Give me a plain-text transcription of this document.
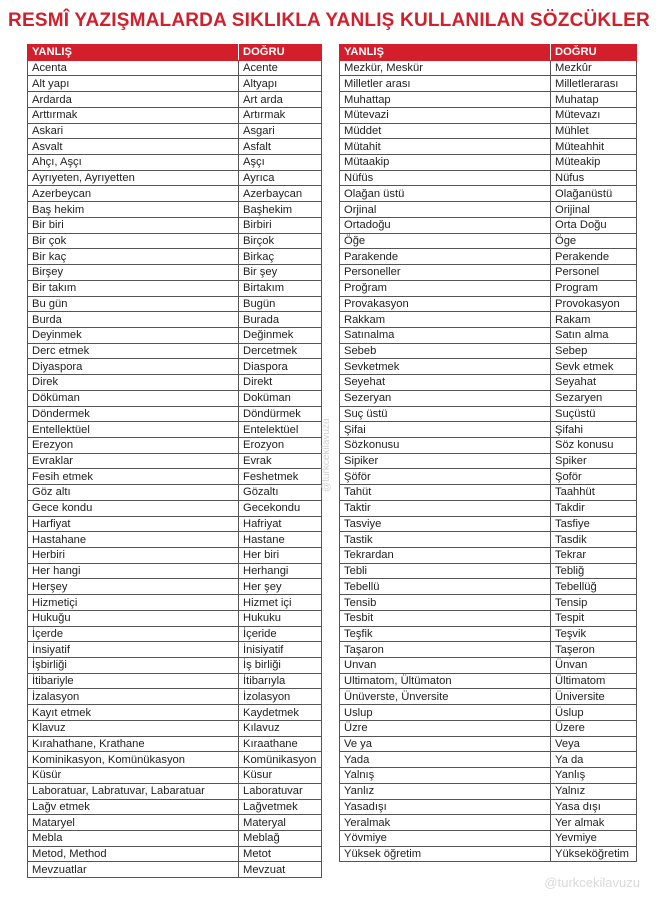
RESMÎ YAZIŞMALARDA SIKLIKLA YANLIŞ KULLANILAN SÖZCÜKLER
YANLIŞ	DOĞRU
Acenta	Acente
Alt yapı	Altyapı
Ardarda	Art arda
Arttırmak	Artırmak
Askari	Asgari
Asvalt	Asfalt
Ahçı, Aşçı	Aşçı
Ayrıyeten, Ayrıyetten	Ayrıca
Azerbeycan	Azerbaycan
Baş hekim	Başhekim
Bir biri	Birbiri
Bir çok	Birçok
Bir kaç	Birkaç
Birşey	Bir şey
Bir takım	Birtakım
Bu gün	Bugün
Burda	Burada
Deyinmek	Değinmek
Derc etmek	Dercetmek
Diyaspora	Diaspora
Direk	Direkt
Döküman	Doküman
Döndermek	Döndürmek
Entellektüel	Entelektüel
Erezyon	Erozyon
Evraklar	Evrak
Fesih etmek	Feshetmek
Göz altı	Gözaltı
Gece kondu	Gecekondu
Harfiyat	Hafriyat
Hastahane	Hastane
Herbiri	Her biri
Her hangi	Herhangi
Herşey	Her şey
Hizmetiçi	Hizmet içi
Hukuğu	Hukuku
İçerde	İçeride
İnsiyatif	İnisiyatif
İşbirliği	İş birliği
İtibariyle	İtibarıyla
İzalasyon	İzolasyon
Kayıt etmek	Kaydetmek
Klavuz	Kılavuz
Kırahathane, Krathane	Kıraathane
Kominikasyon, Komünükasyon	Komünikasyon
Küsür	Küsur
Laboratuar, Labratuvar, Labaratuar	Laboratuvar
Lağv etmek	Lağvetmek
Mataryel	Materyal
Mebla	Meblağ
Metod, Method	Metot
Mevzuatlar	Mevzuat
YANLIŞ	DOĞRU
Mezkür, Meskür	Mezkûr
Milletler arası	Milletlerarası
Muhattap	Muhatap
Mütevazi	Mütevazı
Müddet	Mühlet
Mütahit	Müteahhit
Mütaakip	Müteakip
Nüfüs	Nüfus
Olağan üstü	Olağanüstü
Orjinal	Orijinal
Ortadoğu	Orta Doğu
Öğe	Öge
Parakende	Perakende
Personeller	Personel
Proğram	Program
Provakasyon	Provokasyon
Rakkam	Rakam
Satınalma	Satın alma
Sebeb	Sebep
Sevketmek	Sevk etmek
Seyehat	Seyahat
Sezeryan	Sezaryen
Suç üstü	Suçüstü
Şifai	Şifahi
Sözkonusu	Söz konusu
Sipiker	Spiker
Şöför	Şoför
Tahüt	Taahhüt
Taktir	Takdir
Tasviye	Tasfiye
Tastik	Tasdik
Tekrardan	Tekrar
Tebli	Tebliğ
Tebellü	Tebellüğ
Tensib	Tensip
Tesbit	Tespit
Teşfik	Teşvik
Taşaron	Taşeron
Unvan	Ünvan
Ultimatom, Ültümaton	Ültimatom
Ünüverste, Ünversite	Üniversite
Uslup	Üslup
Üzre	Üzere
Ve ya	Veya
Yada	Ya da
Yalnış	Yanlış
Yanlız	Yalnız
Yasadışı	Yasa dışı
Yeralmak	Yer almak
Yövmiye	Yevmiye
Yüksek öğretim	Yükseköğretim
@turkcekilavuzu
@turkcekilavuzu
